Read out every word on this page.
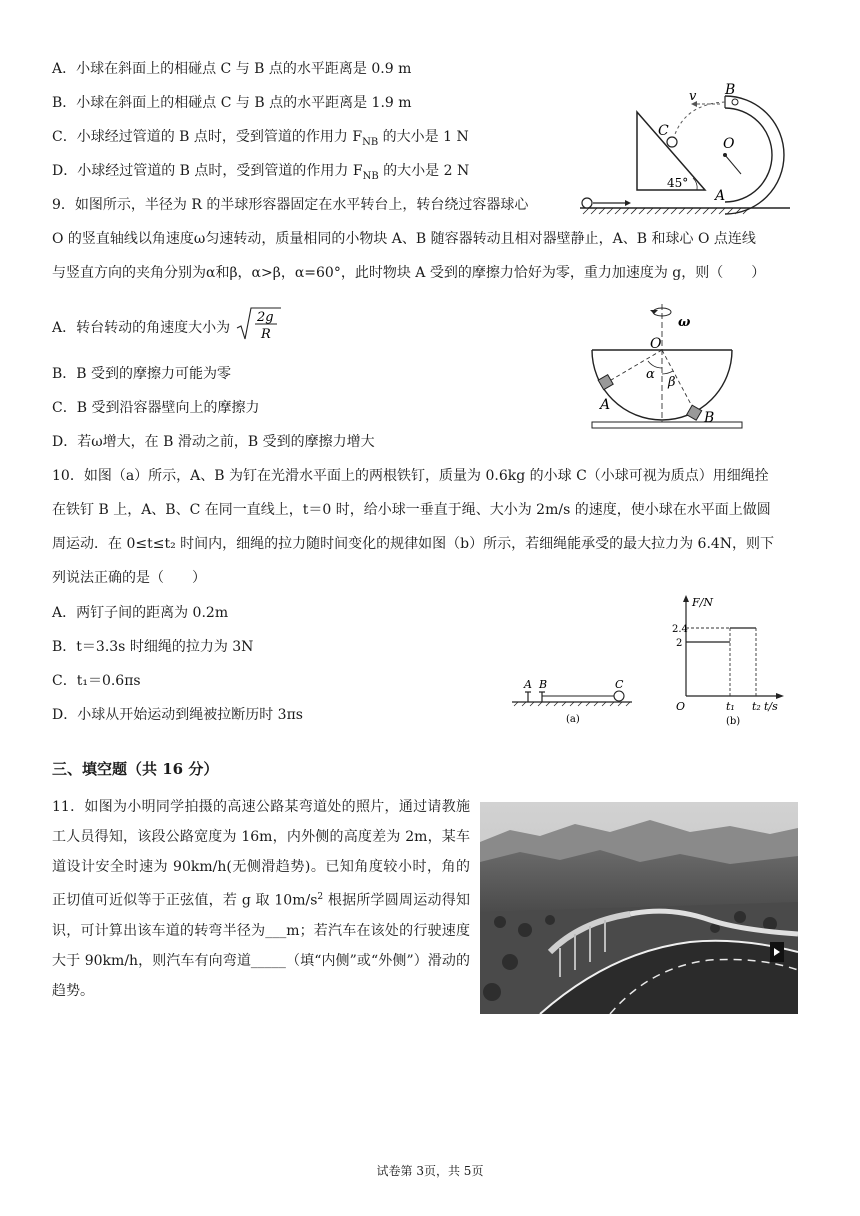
A．小球在斜面上的相碰点 C 与 B 点的水平距离是 0.9 m
B．小球在斜面上的相碰点 C 与 B 点的水平距离是 1.9 m
C．小球经过管道的 B 点时，受到管道的作用力 $F_{NB}$ 的大小是 1 N
D．小球经过管道的 B 点时，受到管道的作用力 $F_{NB}$ 的大小是 2 N
45°
C
v B
O
A
9．如图所示，半径为 R 的半球形容器固定在水平转台上，转台绕过容器球心
O 的竖直轴线以角速度ω匀速转动，质量相同的小物块 A、B 随容器转动且相对器壁静止，A、B 和球心 O 点连线
与竖直方向的夹角分别为α和β，α>β，α=60°，此时物块 A 受到的摩擦力恰好为零，重力加速度为 g，则（　　）
A．转台转动的角速度大小为
2g
R
B．B 受到的摩擦力可能为零
C．B 受到沿容器壁向上的摩擦力
D．若ω增大，在 B 滑动之前，B 受到的摩擦力增大
ω
O
α
β
A
B
10．如图（a）所示，A、B 为钉在光滑水平面上的两根铁钉，质量为 0.6kg 的小球 C（小球可视为质点）用细绳拴
在铁钉 B 上，A、B、C 在同一直线上，t＝0 时，给小球一垂直于绳、大小为 2m/s 的速度，使小球在水平面上做圆
周运动．在 0≤t≤t₂ 时间内，细绳的拉力随时间变化的规律如图（b）所示，若细绳能承受的最大拉力为 6.4N，则下
列说法正确的是（　　）
A．两钉子间的距离为 0.2m
B．t＝3.3s 时细绳的拉力为 3N
C．t₁＝0.6πs
D．小球从开始运动到绳被拉断历时 3πs
A B	C
(a)
F/N
t/s
O
2.4
2
t₁ t₂
(b)
三、填空题（共 16 分）
11．如图为小明同学拍摄的高速公路某弯道处的照片，通过请教施工人员得知，该段公路宽度为 16m，内外侧的高度差为 2m，某车道设计安全时速为 90km/h(无侧滑趋势)。已知角度较小时，角的正切值可近似等于正弦值，若 g 取 $10m/s^2$ 根据所学圆周运动得知识，可计算出该车道的转弯半径为___m；若汽车在该处的行驶速度大于 90km/h，则汽车有向弯道_____（填“内侧”或“外侧”）滑动的趋势。
试卷第 3页，共 5页
